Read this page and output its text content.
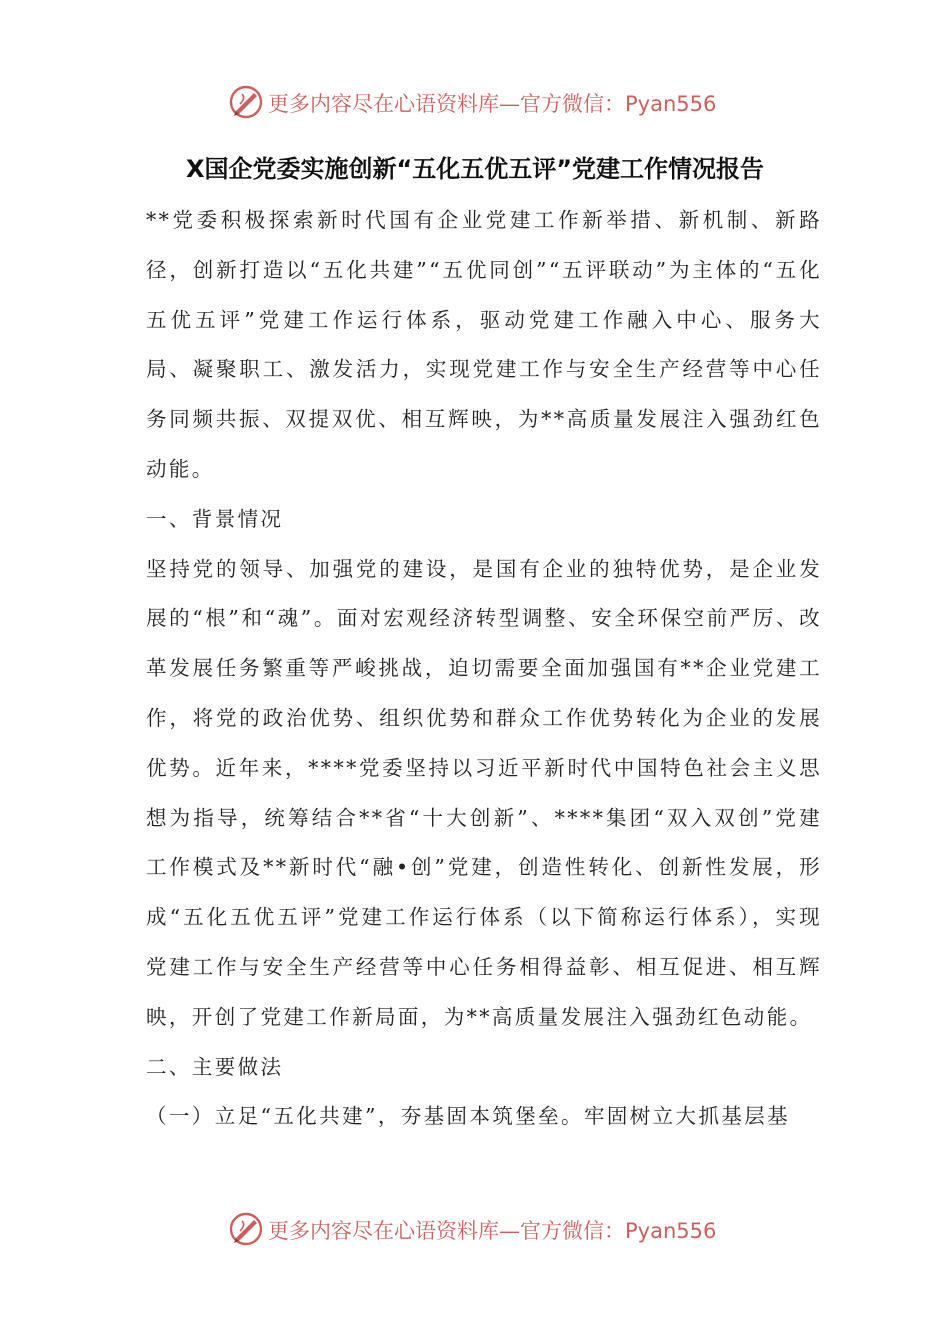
更多内容尽在心语资料库—官方微信：Pyan556
X国企党委实施创新“五化五优五评”党建工作情况报告

**党委积极探索新时代国有企业党建工作新举措、新机制、新路径，创新打造以“五化共建”“五优同创”“五评联动”为主体的“五化五优五评”党建工作运行体系，驱动党建工作融入中心、服务大局、凝聚职工、激发活力，实现党建工作与安全生产经营等中心任务同频共振、双提双优、相互辉映，为**高质量发展注入强劲红色动能。

一、背景情况

坚持党的领导、加强党的建设，是国有企业的独特优势，是企业发展的“根”和“魂”。面对宏观经济转型调整、安全环保空前严厉、改革发展任务繁重等严峻挑战，迫切需要全面加强国有**企业党建工作，将党的政治优势、组织优势和群众工作优势转化为企业的发展优势。近年来，****党委坚持以习近平新时代中国特色社会主义思想为指导，统筹结合**省“十大创新”、****集团“双入双创”党建工作模式及**新时代“融•创”党建，创造性转化、创新性发展，形成“五化五优五评”党建工作运行体系（以下简称运行体系），实现党建工作与安全生产经营等中心任务相得益彰、相互促进、相互辉映，开创了党建工作新局面，为**高质量发展注入强劲红色动能。

二、主要做法

（一）立足“五化共建”，夯基固本筑堡垒。牢固树立大抓基层基

更多内容尽在心语资料库—官方微信：Pyan556
